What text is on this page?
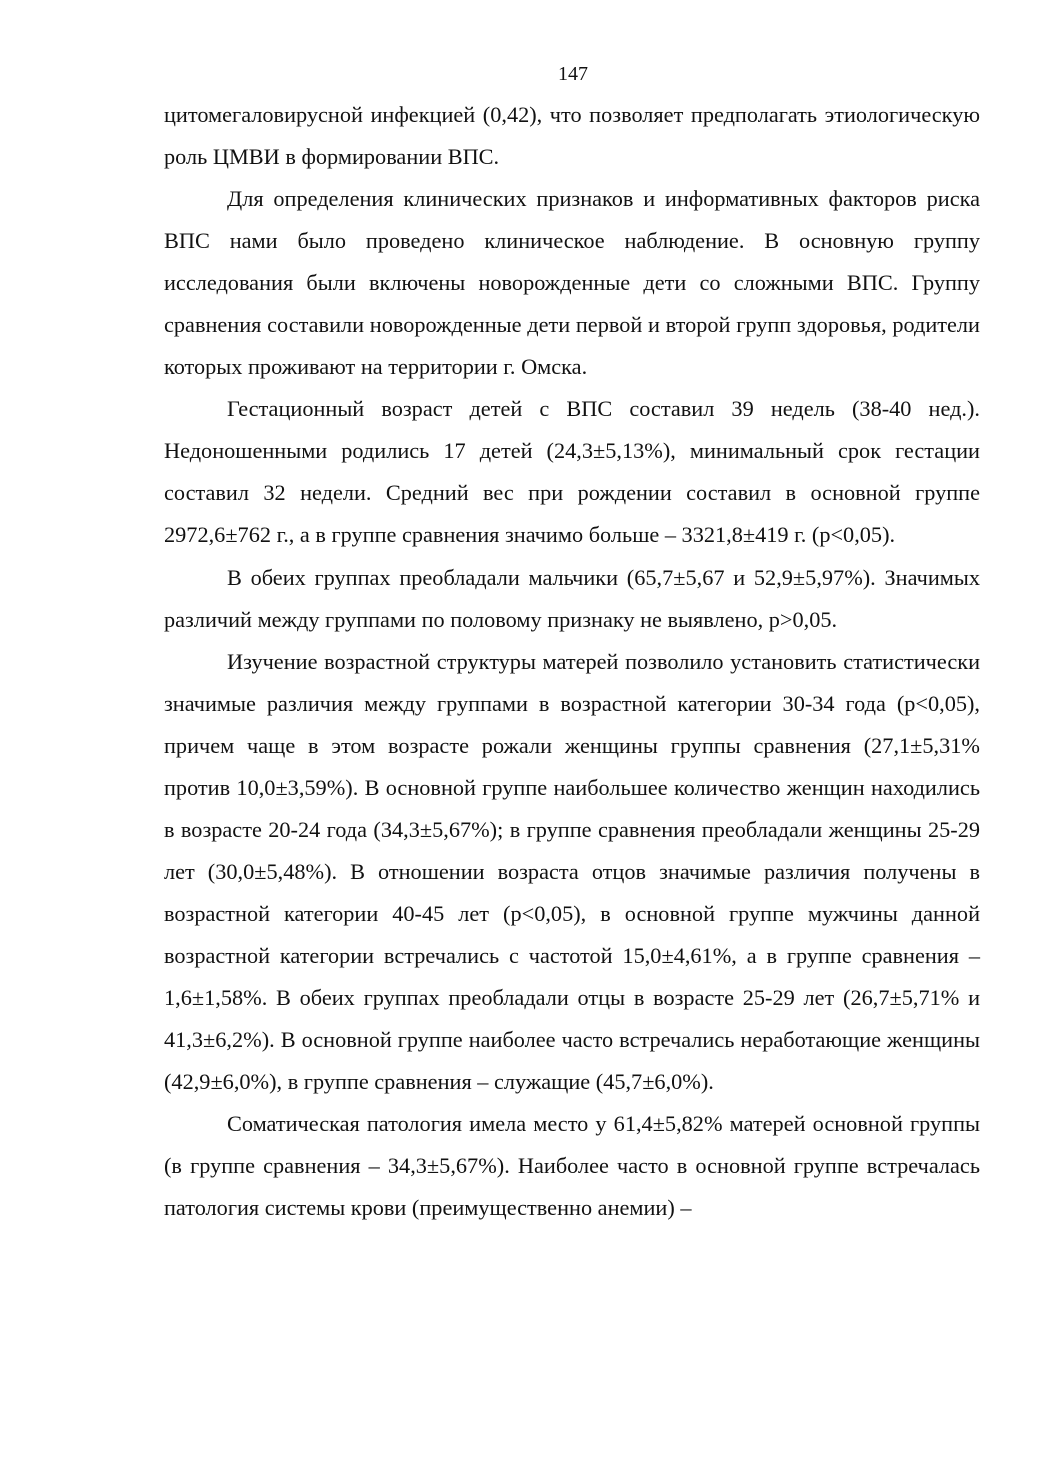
147

цитомегаловирусной инфекцией (0,42), что позволяет предполагать этиологическую роль ЦМВИ в формировании ВПС.

Для определения клинических признаков и информативных факторов риска ВПС нами было проведено клиническое наблюдение. В основную группу исследования были включены новорожденные дети со сложными ВПС. Группу сравнения составили новорожденные дети первой и второй групп здоровья, родители которых проживают на территории г. Омска.

Гестационный возраст детей с ВПС составил 39 недель (38-40 нед.). Недоношенными родились 17 детей (24,3±5,13%), минимальный срок гестации составил 32 недели. Средний вес при рождении составил в основной группе 2972,6±762 г., а в группе сравнения значимо больше – 3321,8±419 г. (р<0,05).

В обеих группах преобладали мальчики (65,7±5,67 и 52,9±5,97%). Значимых различий между группами по половому признаку не выявлено, р>0,05.

Изучение возрастной структуры матерей позволило установить статистически значимые различия между группами в возрастной категории 30-34 года (р<0,05), причем чаще в этом возрасте рожали женщины группы сравнения (27,1±5,31% против 10,0±3,59%). В основной группе наибольшее количество женщин находились в возрасте 20-24 года (34,3±5,67%); в группе сравнения преобладали женщины 25-29 лет (30,0±5,48%). В отношении возраста отцов значимые различия получены в возрастной категории 40-45 лет (р<0,05), в основной группе мужчины данной возрастной категории встречались с частотой 15,0±4,61%, а в группе сравнения – 1,6±1,58%. В обеих группах преобладали отцы в возрасте 25-29 лет (26,7±5,71% и 41,3±6,2%). В основной группе наиболее часто встречались неработающие женщины (42,9±6,0%), в группе сравнения – служащие (45,7±6,0%).

Соматическая патология имела место у 61,4±5,82% матерей основной группы (в группе сравнения – 34,3±5,67%). Наиболее часто в основной группе встречалась патология системы крови (преимущественно анемии) –
